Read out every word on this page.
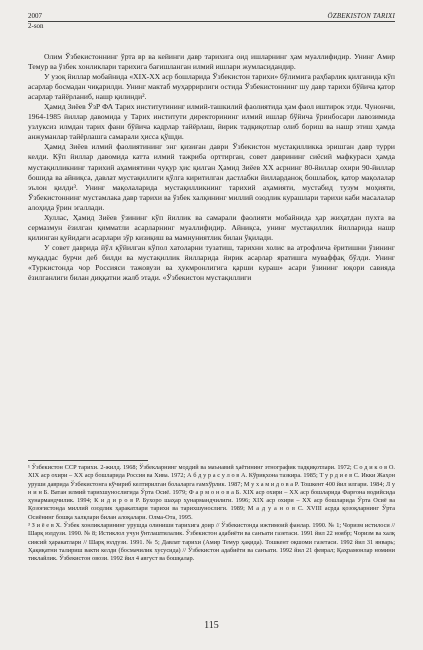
2007	ÖZBEKISTON TARIXI
2-son

Олим Ўзбекистоннинг ўрта вр ва кейинги давр тарихига оид ишларнинг ҳам муаллифидир. Унинг Амир Темур ва ўзбек хонликлари тарихига бағишланган илмий ишлари жумласидандир.

У узоқ йиллар мобайнида «XIX-XX аср бошларида Ўзбекистон тарихи» бўлимига раҳбарлик қилганида кўп асарлар босмадан чиқарилди. Унинг мактаб муҳаррирлиги остида Ўзбекистоннинг шу давр тарихи бўйича қатор асарлар тайёрланиб, нашр қилинди².

Ҳамид Зиёев ЎзР ФА Тарих институтининг илмий-ташкилий фаолиятида ҳам фаол иштирок этди. Чунончи, 1964-1985 йиллар давомида у Тарих институти директорининг илмий ишлар бўйича ўринбосари лавозимида узлуксиз илмдан тарих фани бўйича кадрлар тайёрлаш, йирик тадқиқотлар олиб бориш ва нашр этиш ҳамда анжуманлар тайёрлашга самарали ҳисса қўшди.

Ҳамид Зиёев илмий фаолиятининг энг қизиған даври Ўзбекистон мустақилликка эришган давр турри келди. Кўп йиллар давомида катта илмий тажриба орттирган, совет даврининг сиёсий мафкураси ҳамда мустақилликнинг тарихий аҳамиятини чуқур ҳис қилган Ҳамид Зиёев ХХ асрнинг 80-йиллар охири 90-йиллар бошида ва айниқса, давлат мустақиллиги қўлга киритилган дастлабки йилларданоқ бошлабоқ, қатор мақолалар эълон қилди³. Унинг мақолаларида мустақилликнинг тарихий аҳамияти, мустабид тузум моҳияти, Ўзбекистоннинг мустамлака давр тарихи ва ўзбек халқининг миллий озодлик курашлари тарихи каби масалалар алоҳида ўрин эгаллади.

Хуллас, Ҳамид Зиёев ўзининг кўп йиллик ва самарали фаолияти мобайнида ҳар жиҳатдан пухта ва сермазмун ёзилган қимматли асарларнинг муаллифидир. Айниқса, унинг мустақиллик йилларида нашр қилинган қуйидаги асарлари зўр кизиқиш ва мамнуниятлик билан ўқилади.

У совет даврида йўл қўйилган кўпол хатоларни тузатиш, тарихни холис ва атрофлича ёритишни ўзининг муқаддас бурчи деб билди ва мустақиллик йилларида йирик асарлар яратишга муваффақ бўлди. Унинг «Туркистонда чор Россияси тажовузи ва ҳукмронлигига қарши кураш» асари ўзининг юқори савияда ёзилганлиги билан диққатни жалб этади. «Ўзбекистон мустақиллиги

¹ Ўзбекистон ССР тарихи. 2-жилд. 1968; Ўзбекларнинг моддий ва маънавий ҳаётининг этнографик тадқиқотлари. 1972; С о д и к о в О. XIX аср охири – ХХ аср бошларида Россия ва Хива. 1972; А б д у р а с у л о в А. Кўриқхона тазкира. 1985; Т у р д и е в С. Икки Жаҳон уруши даврида Ўзбекистонга кўчириб келтирилган болаларга ғамхўрлик. 1987; М у х а м и д о в а Р. Тошкент 400 йил илгари. 1984; Л у н и н Б. Ватан илмий тарихшунослигида Ўрта Осиё. 1979; Ф а р м о н о в а Б. XIX аср охири – ХХ аср бошларида Фарғона водийсида ҳунармандчилик. 1994; К и д и р о в Р. Бухоро шаҳар ҳунармандчилиги. 1996; XIX аср охири – ХХ аср бошларида Ўрта Осиё ва Қозоғистонда миллий озодлик ҳаракатлари тарихи ва тарихшунослиги. 1989; М а д у а н о в С. XVIII асрда қозоқларнинг Ўрта Осиёнинг бошқа халқлари билан алоқалари. Олма-Ота, 1995.

³ З и ё е в Х. Ўзбек хонликларининг урушда олиниши тарихига доир // Ўзбекистонда ижтимоий фанлар. 1990. № 1; Чоризм истилоси // Шарқ юлдузи. 1990. № 8; Истиклол учун ўнтлаштилалик. Ўзбекистон адабиёти ва санъати газетаси. 1991 йил 22 ноябр; Чоризм ва халқ сиясий ҳаракатлари // Шарқ юлдузи. 1991. № 5; Давлат тарихи (Амир Темур ҳақида). Тошкент оқшоми газетаси. 1992 йил 31 январь; Ҳақиқатни талириш вакти келди (босмачилик хусусида) // Ўзбекистон адабиёти ва санъати. 1992 йил 21 феврал; Қаҳрамонлар номини тиклайлик. Ўзбекистон овози. 1992 йил 4 август ва бошқалар.

115
